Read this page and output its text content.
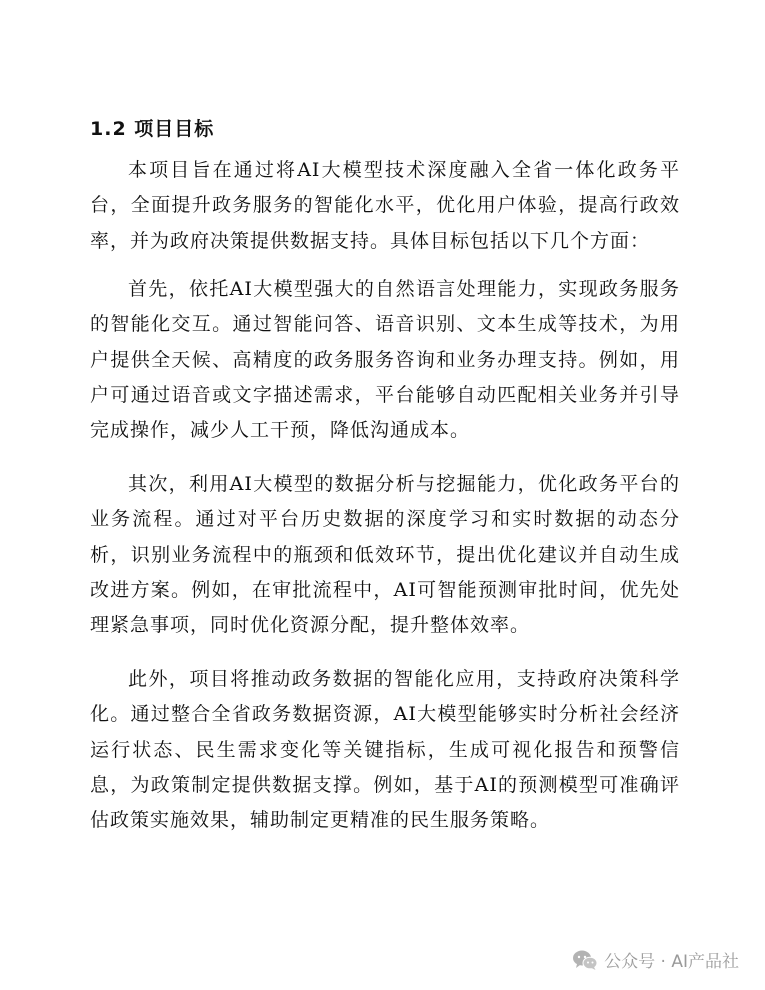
1.2 项目目标

本项目旨在通过将AI大模型技术深度融入全省一体化政务平台，全面提升政务服务的智能化水平，优化用户体验，提高行政效率，并为政府决策提供数据支持。具体目标包括以下几个方面：

首先，依托AI大模型强大的自然语言处理能力，实现政务服务的智能化交互。通过智能问答、语音识别、文本生成等技术，为用户提供全天候、高精度的政务服务咨询和业务办理支持。例如，用户可通过语音或文字描述需求，平台能够自动匹配相关业务并引导完成操作，减少人工干预，降低沟通成本。

其次，利用AI大模型的数据分析与挖掘能力，优化政务平台的业务流程。通过对平台历史数据的深度学习和实时数据的动态分析，识别业务流程中的瓶颈和低效环节，提出优化建议并自动生成改进方案。例如，在审批流程中，AI可智能预测审批时间，优先处理紧急事项，同时优化资源分配，提升整体效率。

此外，项目将推动政务数据的智能化应用，支持政府决策科学化。通过整合全省政务数据资源，AI大模型能够实时分析社会经济运行状态、民生需求变化等关键指标，生成可视化报告和预警信息，为政策制定提供数据支撑。例如，基于AI的预测模型可准确评估政策实施效果，辅助制定更精准的民生服务策略。

公众号 · AI产品社
